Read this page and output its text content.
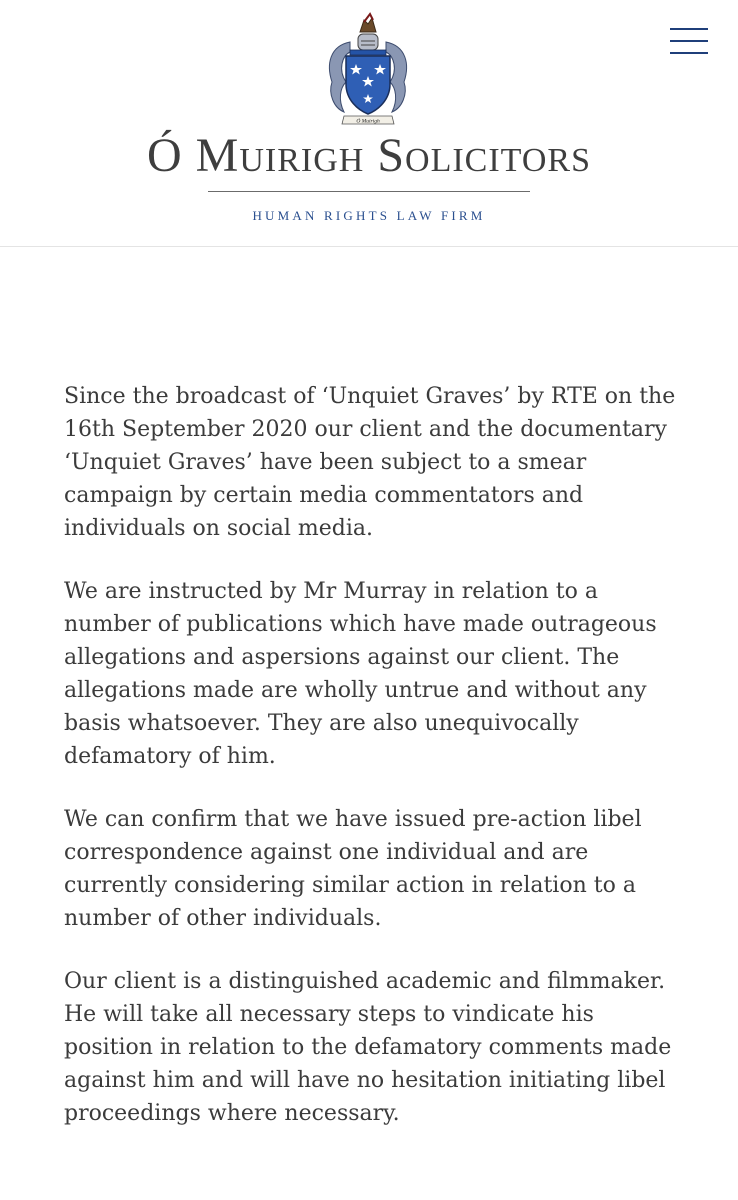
Ó Muirigh
Ó Muirigh Solicitors
HUMAN RIGHTS LAW FIRM

Since the broadcast of ‘Unquiet Graves’ by RTE on the 16th September 2020 our client and the documentary ‘Unquiet Graves’ have been subject to a smear campaign by certain media commentators and individuals on social media.

We are instructed by Mr Murray in relation to a number of publications which have made outrageous allegations and aspersions against our client. The allegations made are wholly untrue and without any basis whatsoever. They are also unequivocally defamatory of him.

We can confirm that we have issued pre-action libel correspondence against one individual and are currently considering similar action in relation to a number of other individuals.

Our client is a distinguished academic and filmmaker. He will take all necessary steps to vindicate his position in relation to the defamatory comments made against him and will have no hesitation initiating libel proceedings where necessary.
